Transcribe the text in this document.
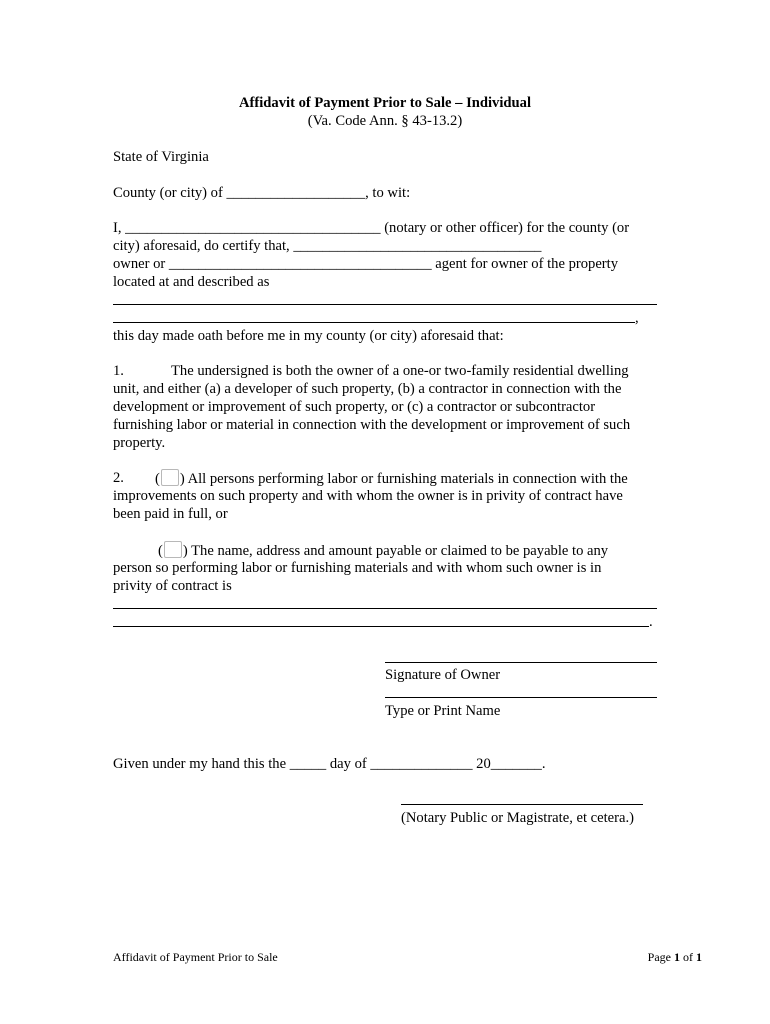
Affidavit of Payment Prior to Sale – Individual
(Va. Code Ann. § 43-13.2)
State of Virginia
County (or city) of ___________________, to wit:
I, ___________________________________ (notary or other officer) for the county (or
city) aforesaid, do certify that, __________________________________
owner or ____________________________________ agent for owner of the property
located at and described as
,
this day made oath before me in my county (or city) aforesaid that:
1.	The undersigned is both the owner of a one-or two-family residential dwelling
unit, and either (a) a developer of such property, (b) a contractor in connection with the
development or improvement of such property, or (c) a contractor or subcontractor
furnishing labor or material in connection with the development or improvement of such
property.
2. ( ) All persons performing labor or furnishing materials in connection with the
improvements on such property and with whom the owner is in privity of contract have
been paid in full, or
( ) The name, address and amount payable or claimed to be payable to any
person so performing labor or furnishing materials and with whom such owner is in
privity of contract is
.
Signature of Owner
Type or Print Name
Given under my hand this the _____ day of ______________ 20_______.
(Notary Public or Magistrate, et cetera.)
Affidavit of Payment Prior to Sale	Page 1 of 1
